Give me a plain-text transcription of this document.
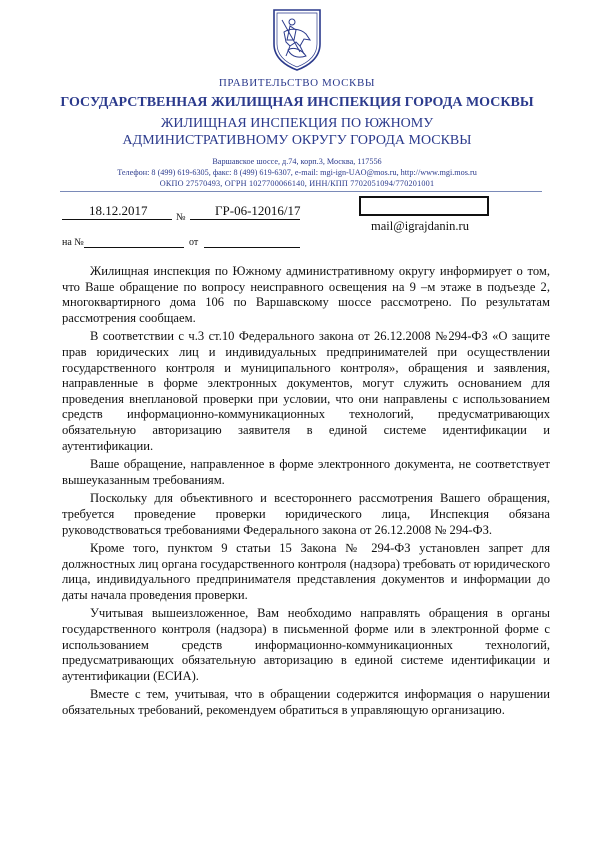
ПРАВИТЕЛЬСТВО МОСКВЫ
ГОСУДАРСТВЕННАЯ ЖИЛИЩНАЯ ИНСПЕКЦИЯ ГОРОДА МОСКВЫ
ЖИЛИЩНАЯ ИНСПЕКЦИЯ ПО ЮЖНОМУ
АДМИНИСТРАТИВНОМУ ОКРУГУ ГОРОДА МОСКВЫ
Варшавское шоссе, д.74, корп.3, Москва, 117556
Телефон: 8 (499) 619-6305, факс: 8 (499) 619-6307, e-mail: mgi-ign-UAO@mos.ru, http://www.mgi.mos.ru
ОКПО 27570493, ОГРН 1027700066140, ИНН/КПП 7702051094/770201001
18.12.2017	№ ГР-06-12016/17
на №	от
mail@igrajdanin.ru

Жилищная инспекция по Южному административному округу информирует о том, что Ваше обращение по вопросу неисправного освещения на 9 –м этаже в подъезде 2, многоквартирного дома 106 по Варшавскому шоссе рассмотрено. По результатам рассмотрения сообщаем.

В соответствии с ч.3 ст.10 Федерального закона от 26.12.2008 №294-ФЗ «О защите прав юридических лиц и индивидуальных предпринимателей при осуществлении государственного контроля и муниципального контроля», обращения и заявления, направленные в форме электронных документов, могут служить основанием для проведения внеплановой проверки при условии, что они направлены с использованием средств информационно-коммуникационных технологий, предусматривающих обязательную авторизацию заявителя в единой системе идентификации и аутентификации.

Ваше обращение, направленное в форме электронного документа, не соответствует вышеуказанным требованиям.

Поскольку для объективного и всестороннего рассмотрения Вашего обращения, требуется проведение проверки юридического лица, Инспекция обязана руководствоваться требованиями Федерального закона от 26.12.2008 № 294-ФЗ.

Кроме того, пунктом 9 статьи 15 Закона № 294-ФЗ установлен запрет для должностных лиц органа государственного контроля (надзора) требовать от юридического лица, индивидуального предпринимателя представления документов и информации до даты начала проведения проверки.

Учитывая вышеизложенное, Вам необходимо направлять обращения в органы государственного контроля (надзора) в письменной форме или в электронной форме с использованием средств информационно-коммуникационных технологий, предусматривающих обязательную авторизацию в единой системе идентификации и аутентификации (ЕСИА).

Вместе с тем, учитывая, что в обращении содержится информация о нарушении обязательных требований, рекомендуем обратиться в управляющую организацию.
